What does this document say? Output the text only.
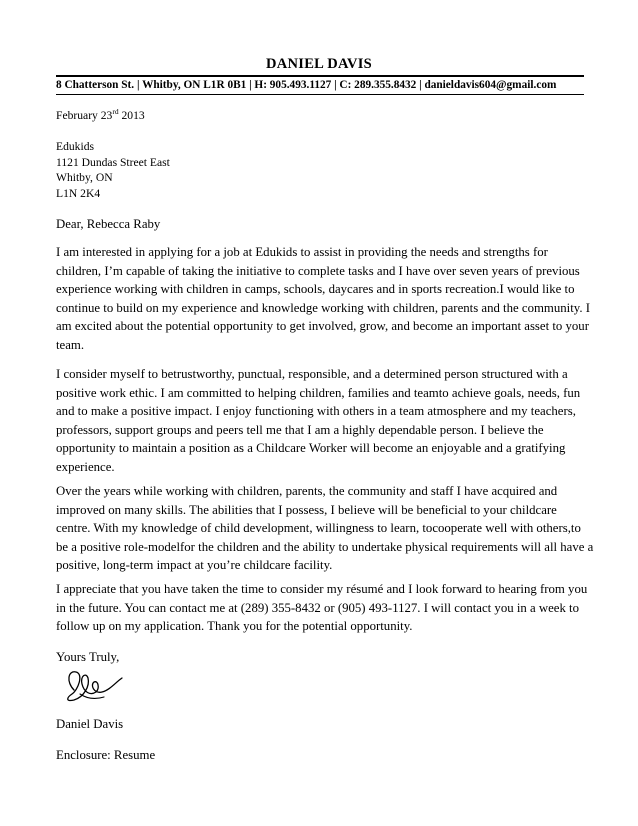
DANIEL DAVIS
8 Chatterson St. | Whitby, ON L1R 0B1 | H: 905.493.1127 | C: 289.355.8432 | danieldavis604@gmail.com
February 23rd 2013
Edukids
1121 Dundas Street East
Whitby, ON
L1N 2K4
Dear, Rebecca Raby
I am interested in applying for a job at Edukids to assist in providing the needs and strengths for
children, I’m capable of taking the initiative to complete tasks and I have over seven years of previous
experience working with children in camps, schools, daycares and in sports recreation.I would like to
continue to build on my experience and knowledge working with children, parents and the community. I
am excited about the potential opportunity to get involved, grow, and become an important asset to your
team.
I consider myself to betrustworthy, punctual, responsible, and a determined person structured with a
positive work ethic. I am committed to helping children, families and teamto achieve goals, needs, fun
and to make a positive impact. I enjoy functioning with others in a team atmosphere and my teachers,
professors, support groups and peers tell me that I am a highly dependable person. I believe the
opportunity to maintain a position as a Childcare Worker will become an enjoyable and a gratifying
experience.
Over the years while working with children, parents, the community and staff I have acquired and
improved on many skills. The abilities that I possess, I believe will be beneficial to your childcare
centre. With my knowledge of child development, willingness to learn, tocooperate well with others,to
be a positive role-modelfor the children and the ability to undertake physical requirements will all have a
positive, long-term impact at you’re childcare facility.
I appreciate that you have taken the time to consider my résumé and I look forward to hearing from you
in the future. You can contact me at (289) 355-8432 or (905) 493-1127. I will contact you in a week to
follow up on my application. Thank you for the potential opportunity.
Yours Truly,
Daniel Davis
Enclosure: Resume
